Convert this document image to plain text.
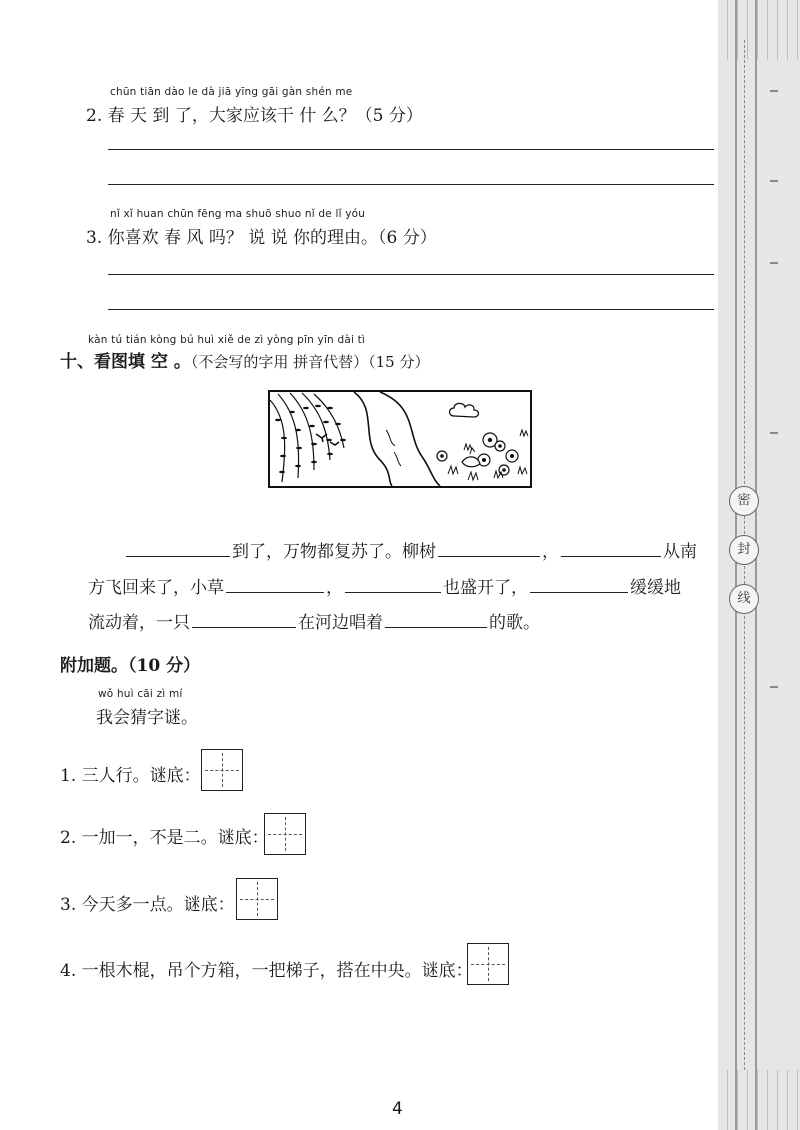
chūn tiān dào le dà jiā yīng gāi gàn shén me
2. 春 天 到 了，大家应该干 什 么？（5 分）
nǐ xǐ huan chūn fēng ma shuō shuo nǐ de lǐ yóu
3. 你喜欢 春 风 吗？ 说 说 你的理由。（6 分）
kàn tú tián kòng bú huì xiě de zì yòng pīn yīn dài tì
十、看图填 空 。（不会写的字用 拼音代替）（15 分）
到了，万物都复苏了。柳树	，	从南
方飞回来了，小草	，	也盛开了，	缓缓地
流动着，一只	在河边唱着	的歌。
附加题。（10 分）
wǒ huì cāi zì mí
我会猜字谜。
1. 三人行。谜底：
2. 一加一，不是二。谜底：
3. 今天多一点。谜底：
4. 一根木棍，吊个方箱，一把梯子，搭在中央。谜底：
密
封
线
4
